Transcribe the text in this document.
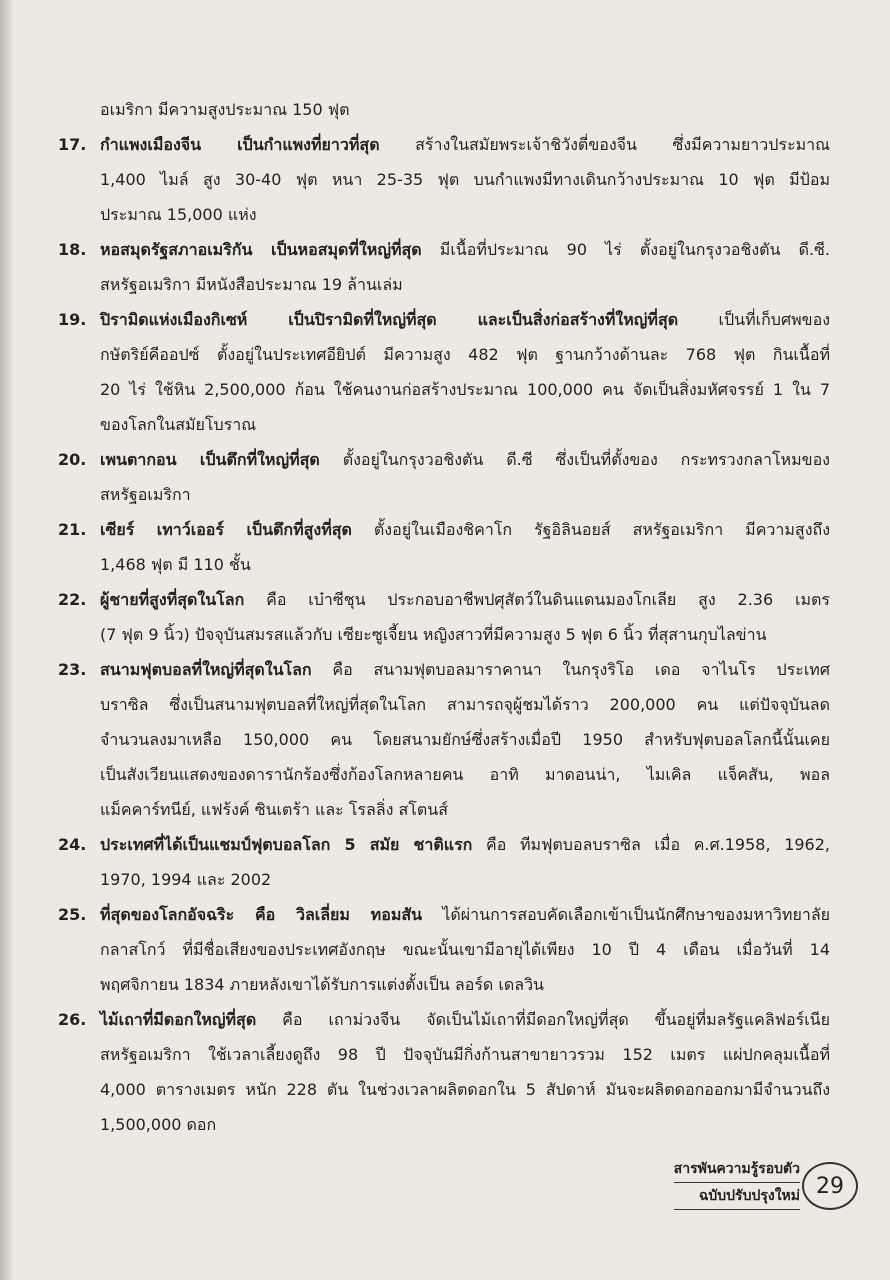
อเมริกา มีความสูงประมาณ 150 ฟุต
17. กำแพงเมืองจีน เป็นกำแพงที่ยาวที่สุด สร้างในสมัยพระเจ้าชิวังตี่ของจีน ซึ่งมีความยาวประมาณ
1,400 ไมล์ สูง 30-40 ฟุต หนา 25-35 ฟุต บนกำแพงมีทางเดินกว้างประมาณ 10 ฟุต มีป้อม
ประมาณ 15,000 แห่ง
18. หอสมุดรัฐสภาอเมริกัน เป็นหอสมุดที่ใหญ่ที่สุด มีเนื้อที่ประมาณ 90 ไร่ ตั้งอยู่ในกรุงวอชิงตัน ดี.ซี.
สหรัฐอเมริกา มีหนังสือประมาณ 19 ล้านเล่ม
19. ปิรามิดแห่งเมืองกิเซห์ เป็นปิรามิดที่ใหญ่ที่สุด และเป็นสิ่งก่อสร้างที่ใหญ่ที่สุด	เป็นที่เก็บศพของ
กษัตริย์คีออปซ์ ตั้งอยู่ในประเทศอียิปต์ มีความสูง 482 ฟุต ฐานกว้างด้านละ 768 ฟุต กินเนื้อที่
20 ไร่ ใช้หิน 2,500,000 ก้อน ใช้คนงานก่อสร้างประมาณ 100,000 คน จัดเป็นสิ่งมหัศจรรย์ 1 ใน 7
ของโลกในสมัยโบราณ
20. เพนตากอน เป็นตึกที่ใหญ่ที่สุด ตั้งอยู่ในกรุงวอชิงตัน ดี.ซี ซึ่งเป็นที่ตั้งของ กระทรวงกลาโหมของ
สหรัฐอเมริกา
21. เซียร์ เทาว์เออร์ เป็นตึกที่สูงที่สุด ตั้งอยู่ในเมืองชิคาโก รัฐอิลินอยส์ สหรัฐอเมริกา มีความสูงถึง
1,468 ฟุต มี 110 ชั้น
22. ผู้ชายที่สูงที่สุดในโลก คือ เบ๋าซีชุน ประกอบอาชีพปศุสัตว์ในดินแดนมองโกเลีย สูง 2.36 เมตร
(7 ฟุต 9 นิ้ว) ปัจจุบันสมรสแล้วกับ เซียะซูเจี้ยน หญิงสาวที่มีความสูง 5 ฟุต 6 นิ้ว ที่สุสานกุบไลข่าน
23. สนามฟุตบอลที่ใหญ่ที่สุดในโลก คือ สนามฟุตบอลมาราคานา ในกรุงริโอ เดอ จาไนโร ประเทศ
บราซิล ซึ่งเป็นสนามฟุตบอลที่ใหญ่ที่สุดในโลก สามารถจุผู้ชมได้ราว 200,000 คน แต่ปัจจุบันลด
จำนวนลงมาเหลือ 150,000 คน โดยสนามยักษ์ซึ่งสร้างเมื่อปี 1950 สำหรับฟุตบอลโลกนี้นั้นเคย
เป็นสังเวียนแสดงของดารานักร้องซึ่งก้องโลกหลายคน อาทิ มาดอนน่า, ไมเคิล แจ็คสัน, พอล
แม็คคาร์ทนีย์, แฟร้งค์ ซินเตร้า และ โรลลิ่ง สโตนส์
24. ประเทศที่ได้เป็นแชมป์ฟุตบอลโลก 5 สมัย ชาติแรก คือ ทีมฟุตบอลบราซิล เมื่อ ค.ศ.1958, 1962,
1970, 1994 และ 2002
25. ที่สุดของโลกอัจฉริะ คือ วิลเลี่ยม ทอมสัน ได้ผ่านการสอบคัดเลือกเข้าเป็นนักศึกษาของมหาวิทยาลัย
กลาสโกว์ ที่มีชื่อเสียงของประเทศอังกฤษ ขณะนั้นเขามีอายุได้เพียง 10 ปี 4 เดือน เมื่อวันที่ 14
พฤศจิกายน 1834 ภายหลังเขาได้รับการแต่งตั้งเป็น ลอร์ด เดลวิน
26. ไม้เถาที่มีดอกใหญ่ที่สุด คือ เถาม่วงจีน จัดเป็นไม้เถาที่มีดอกใหญ่ที่สุด ขึ้นอยู่ที่มลรัฐแคลิฟอร์เนีย
สหรัฐอเมริกา ใช้เวลาเลี้ยงดูถึง 98 ปี ปัจจุบันมีกิ่งก้านสาขายาวรวม 152 เมตร แผ่ปกคลุมเนื้อที่
4,000 ตารางเมตร หนัก 228 ตัน ในช่วงเวลาผลิตดอกใน 5 สัปดาห์ มันจะผลิตดอกออกมามีจำนวนถึง
1,500,000 ดอก
สารพันความรู้รอบตัว
ฉบับปรับปรุงใหม่ 29
